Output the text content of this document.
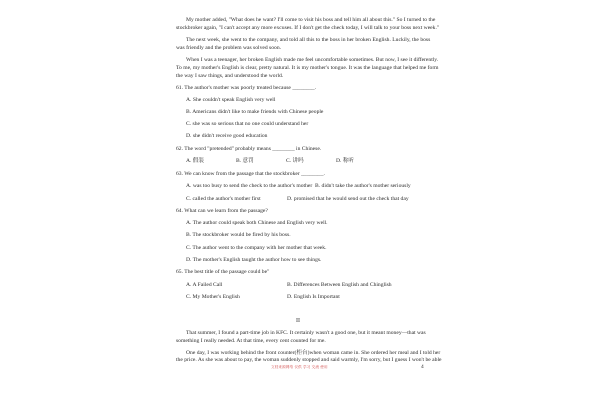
My mother added, "What does he want? I'll come to visit his boss and tell him all about this." So I turned to the
stockbroker again, "I can't accept any more excuses. If I don't get the check today, I will talk to your boss next week."
The next week, she went to the company, and told all this to the boss in her broken English. Luckily, the boss
was friendly and the problem was solved soon.
When I was a teenager, her broken English made me feel uncomfortable sometimes. But now, I see it differently.
To me, my mother's English is clear, pretty natural. It is my mother's tongue. It was the language that helped me form
the way I saw things, and understood the world.
61. The author's mother was poorly treated because ________.
A. She couldn't speak English very well
B. Americans didn't like to make friends with Chinese people
C. she was so serious that no one could understand her
D. she didn't receive good education
62. The word "pretended" probably means ________ in Chinese.
A. 假装	B. 意罚	C. 讲吗	D. 称听
63. We can know from the passage that the stockbroker ________.
A. was too busy to send the check to the author's mother B. didn't take the author's mother seriously
C. called the author's mother first	D. promised that he would send out the check that day
64. What can we learn from the passage?
A. The author could speak both Chinese and English very well.
B. The stockbroker would be fired by his boss.
C. The author went to the company with her mother that week.
D. The mother's English taught the author how to see things.
65. The best title of the passage could be"
A. A Failed Call	B. Differences Between English and Chinglish
C. My Mother's English	D. English Is Important
II
That summer, I found a part-time job in KFC. It certainly wasn't a good one, but it meant money—that was
something I really needed. At that time, every cent counted for me.
One day, I was working behind the front counter(柜台)when woman came in. She ordered her meal and I told her
the price. As she was about to pay, the woman suddenly stopped and said warmly, I'm sorry, but I guess I won't be able
文档来源网络 仅供 学习 交流 使用	4
